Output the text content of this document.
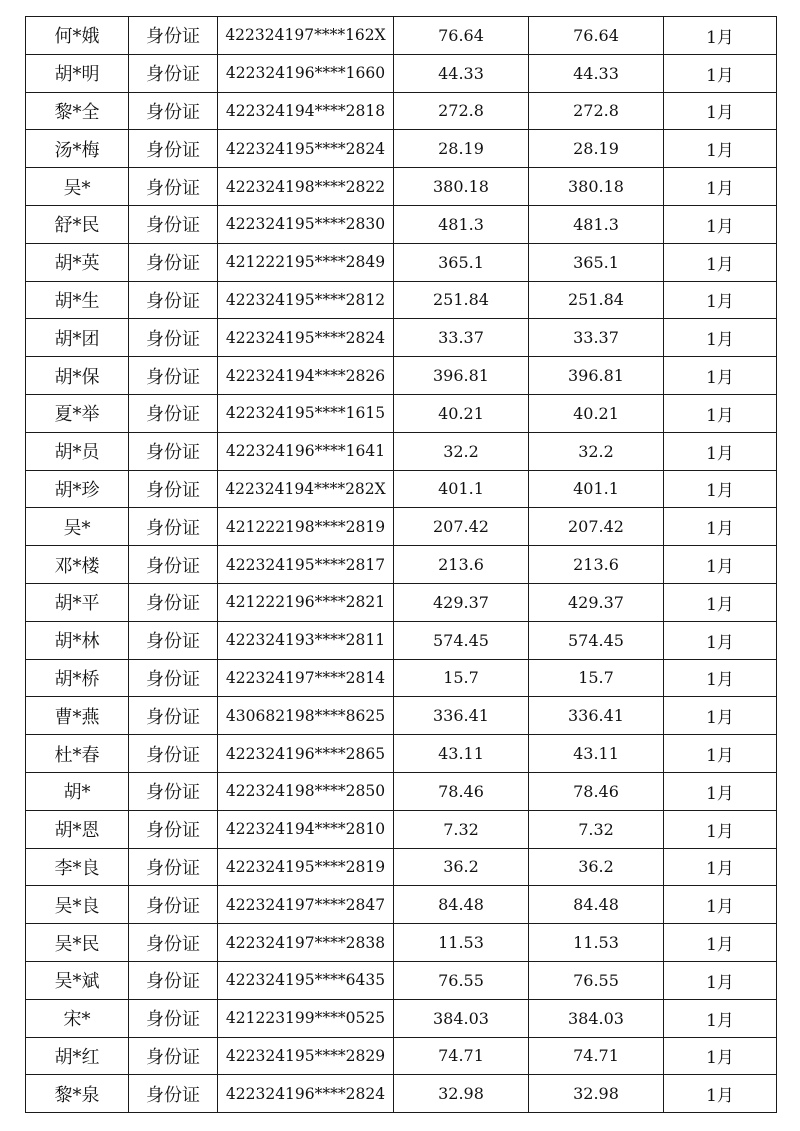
何*娥	身份证	422324197****162X	76.64	76.64	1月
胡*明	身份证	422324196****1660	44.33	44.33	1月
黎*全	身份证	422324194****2818	272.8	272.8	1月
汤*梅	身份证	422324195****2824	28.19	28.19	1月
吴*	身份证	422324198****2822	380.18	380.18	1月
舒*民	身份证	422324195****2830	481.3	481.3	1月
胡*英	身份证	421222195****2849	365.1	365.1	1月
胡*生	身份证	422324195****2812	251.84	251.84	1月
胡*团	身份证	422324195****2824	33.37	33.37	1月
胡*保	身份证	422324194****2826	396.81	396.81	1月
夏*举	身份证	422324195****1615	40.21	40.21	1月
胡*员	身份证	422324196****1641	32.2	32.2	1月
胡*珍	身份证	422324194****282X	401.1	401.1	1月
吴*	身份证	421222198****2819	207.42	207.42	1月
邓*楼	身份证	422324195****2817	213.6	213.6	1月
胡*平	身份证	421222196****2821	429.37	429.37	1月
胡*林	身份证	422324193****2811	574.45	574.45	1月
胡*桥	身份证	422324197****2814	15.7	15.7	1月
曹*燕	身份证	430682198****8625	336.41	336.41	1月
杜*春	身份证	422324196****2865	43.11	43.11	1月
胡*	身份证	422324198****2850	78.46	78.46	1月
胡*恩	身份证	422324194****2810	7.32	7.32	1月
李*良	身份证	422324195****2819	36.2	36.2	1月
吴*良	身份证	422324197****2847	84.48	84.48	1月
吴*民	身份证	422324197****2838	11.53	11.53	1月
吴*斌	身份证	422324195****6435	76.55	76.55	1月
宋*	身份证	421223199****0525	384.03	384.03	1月
胡*红	身份证	422324195****2829	74.71	74.71	1月
黎*泉	身份证	422324196****2824	32.98	32.98	1月
